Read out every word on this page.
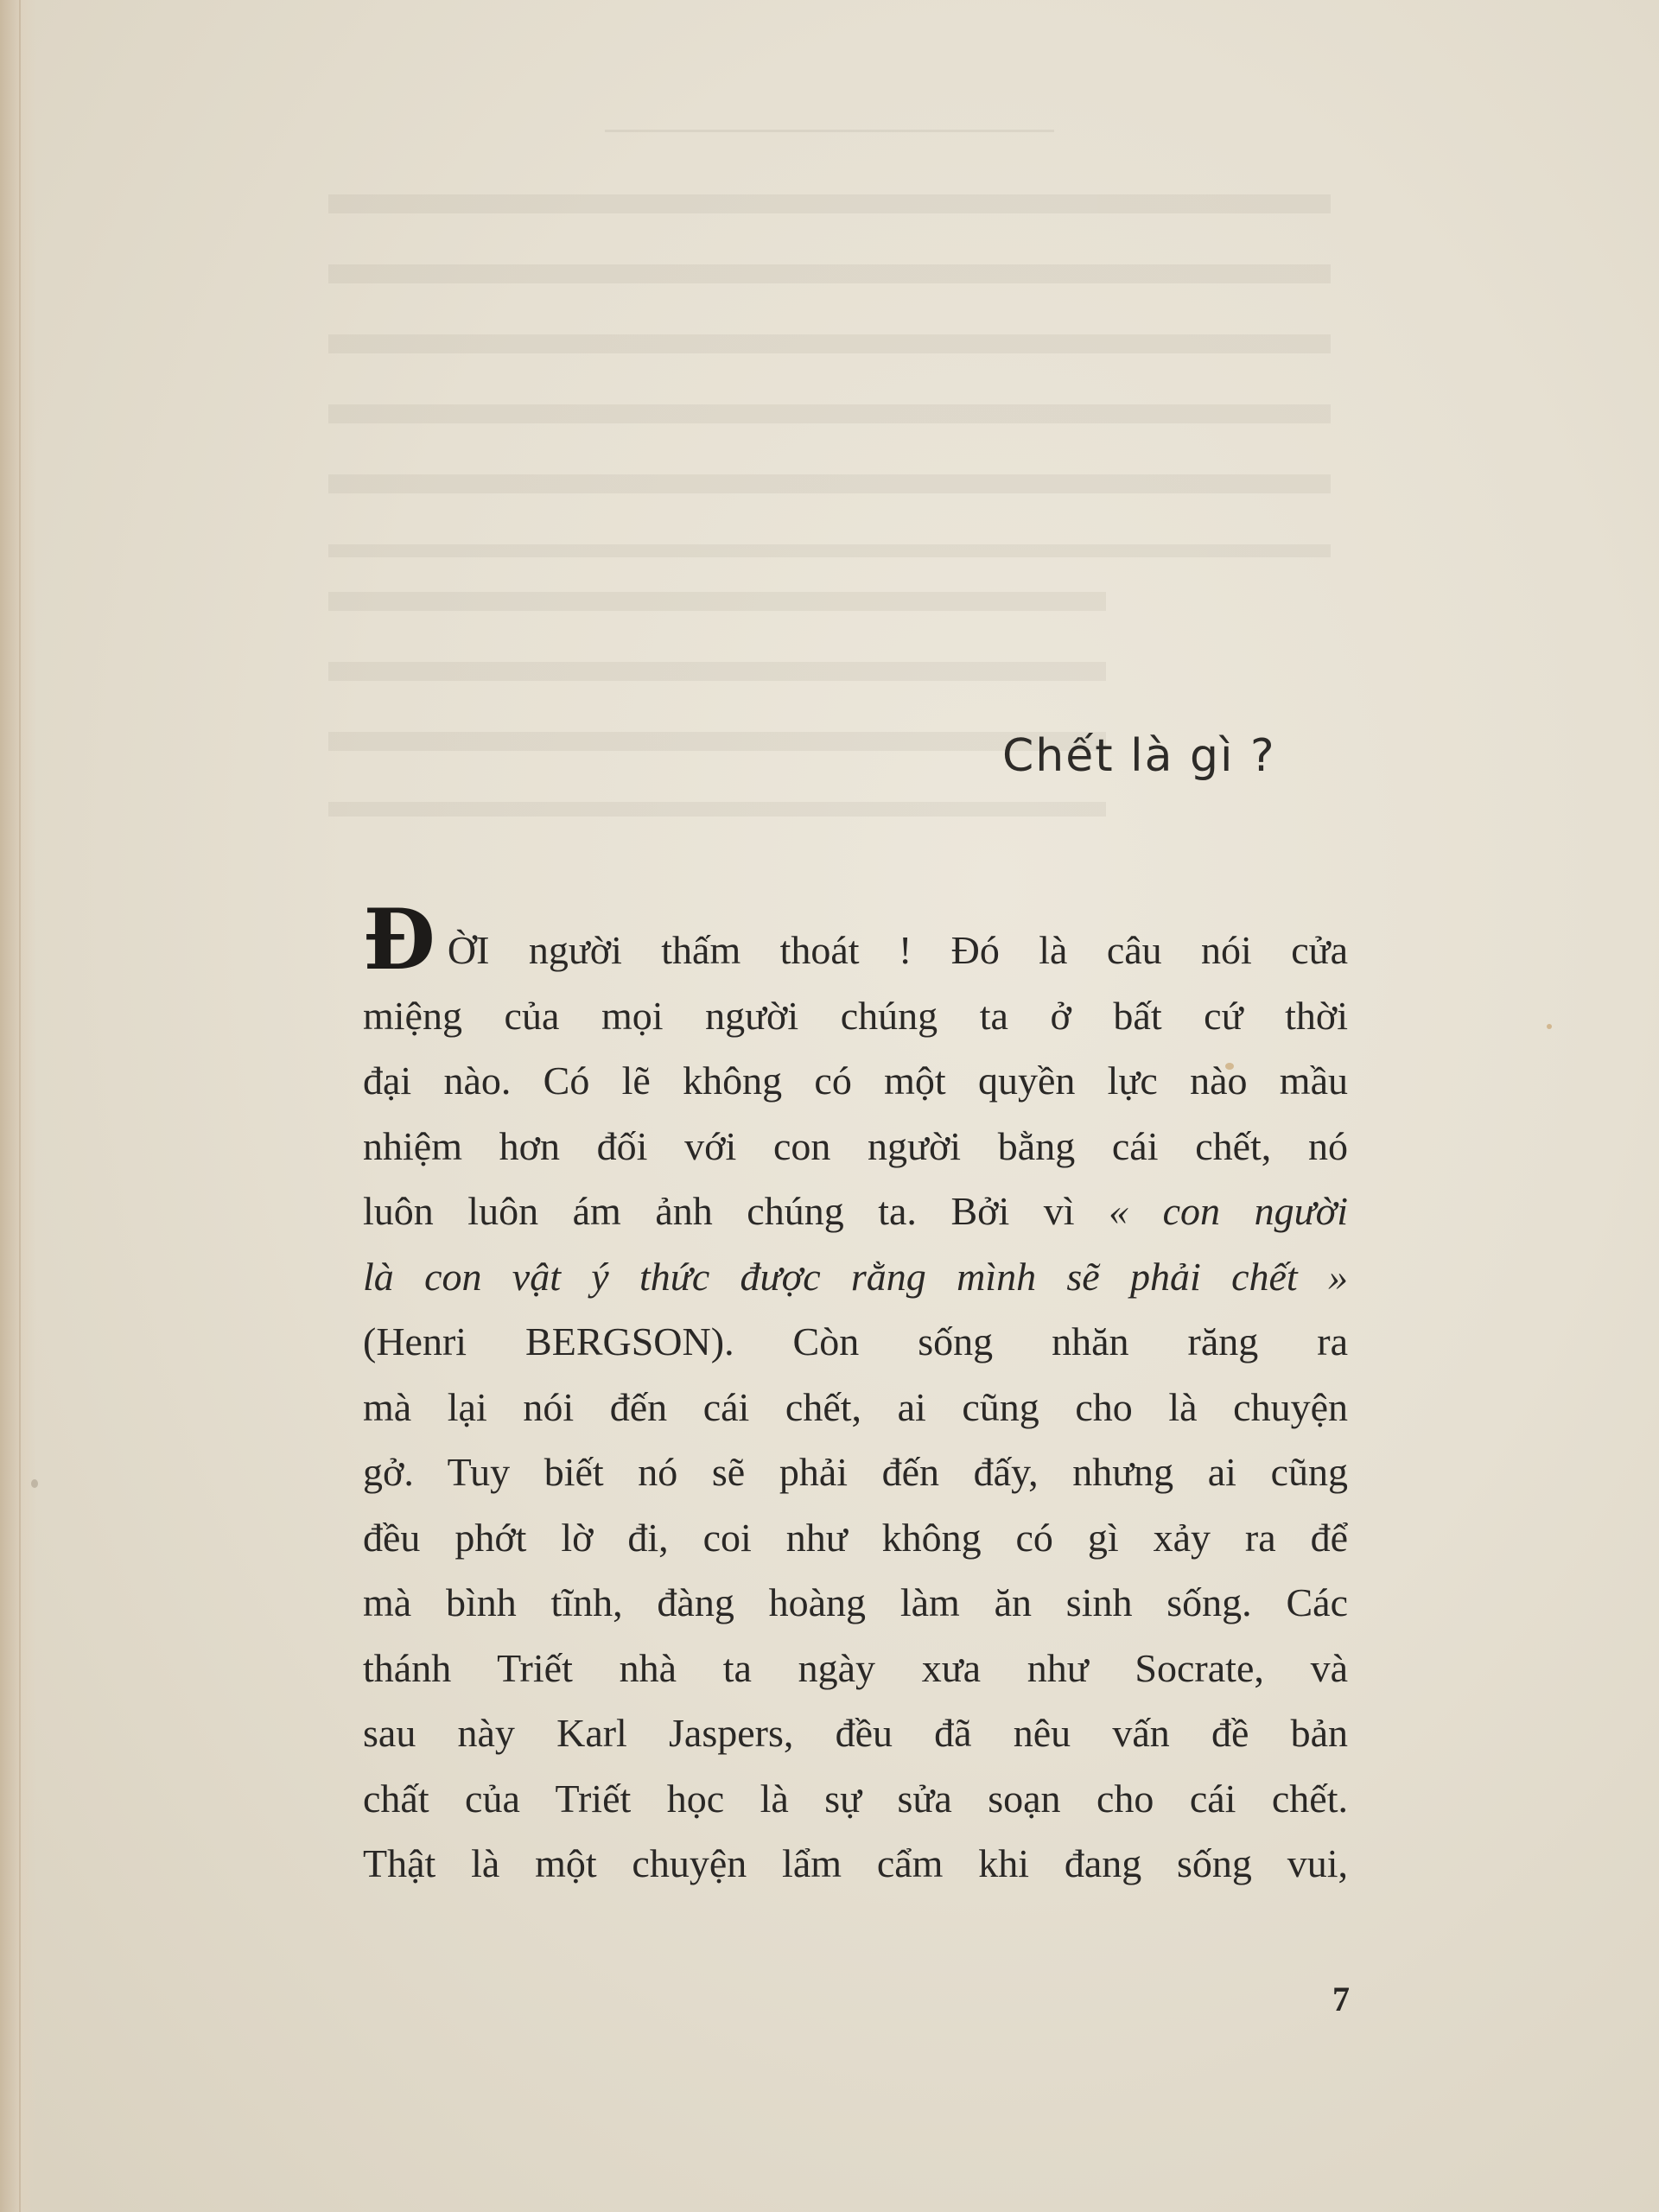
Chết là gì ?
ĐỜI người thấm thoát ! Đó là câu nói cửa
miệng của mọi người chúng ta ở bất cứ thời
đại nào. Có lẽ không có một quyền lực nào mầu
nhiệm hơn đối với con người bằng cái chết, nó
luôn luôn ám ảnh chúng ta. Bởi vì « con người
là con vật ý thức được rằng mình sẽ phải chết »
(Henri BERGSON). Còn sống nhăn răng ra
mà lại nói đến cái chết, ai cũng cho là chuyện
gở. Tuy biết nó sẽ phải đến đấy, nhưng ai cũng
đều phớt lờ đi, coi như không có gì xảy ra để
mà bình tĩnh, đàng hoàng làm ăn sinh sống. Các
thánh Triết nhà ta ngày xưa như Socrate, và
sau này Karl Jaspers, đều đã nêu vấn đề bản
chất của Triết học là sự sửa soạn cho cái chết.
Thật là một chuyện lẩm cẩm khi đang sống vui,
7
